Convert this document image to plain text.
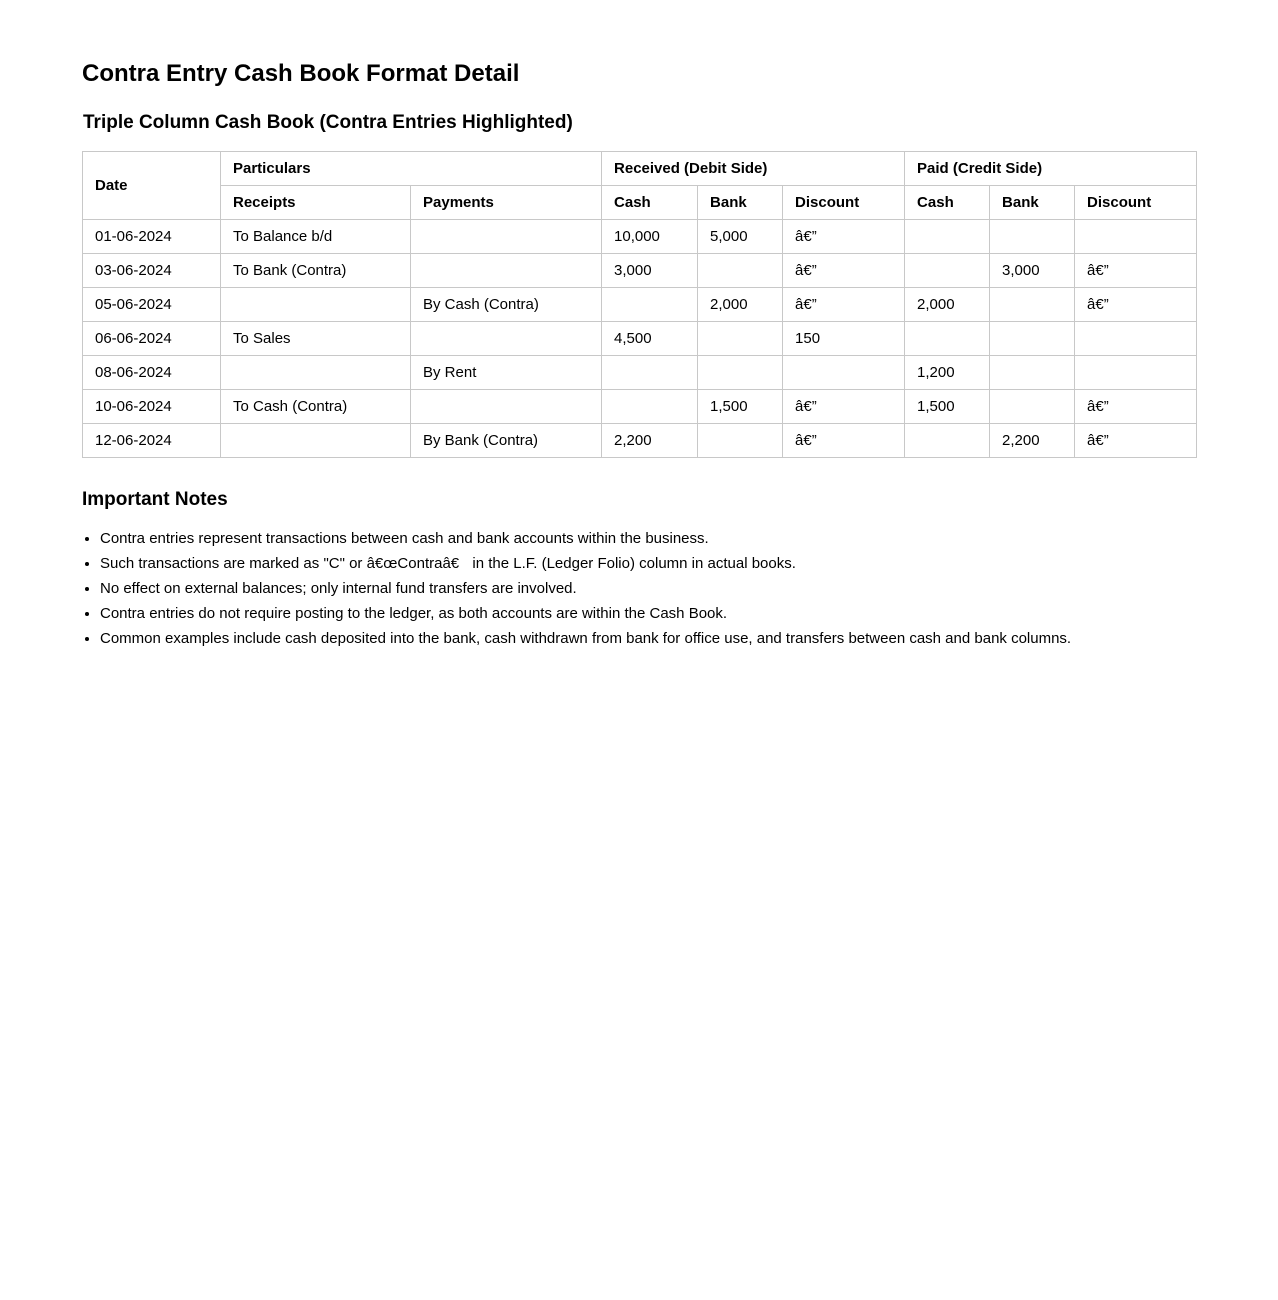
Contra Entry Cash Book Format Detail
Triple Column Cash Book (Contra Entries Highlighted)
Date	Particulars		Received (Debit Side)			Paid (Credit Side)		
	Receipts	Payments	Cash	Bank	Discount	Cash	Bank	Discount
01-06-2024	To Balance b/d		10,000	5,000	â€”			
03-06-2024	To Bank (Contra)		3,000		â€”		3,000	â€”
05-06-2024		By Cash (Contra)		2,000	â€”	2,000		â€”
06-06-2024	To Sales		4,500		150			
08-06-2024		By Rent				1,200		
10-06-2024	To Cash (Contra)			1,500	â€”	1,500		â€”
12-06-2024		By Bank (Contra)	2,200		â€”		2,200	â€”
Important Notes
• Contra entries represent transactions between cash and bank accounts within the business.
• Such transactions are marked as "C" or â€œContraâ€ in the L.F. (Ledger Folio) column in actual books.
• No effect on external balances; only internal fund transfers are involved.
• Contra entries do not require posting to the ledger, as both accounts are within the Cash Book.
• Common examples include cash deposited into the bank, cash withdrawn from bank for office use, and transfers between cash and bank columns.
